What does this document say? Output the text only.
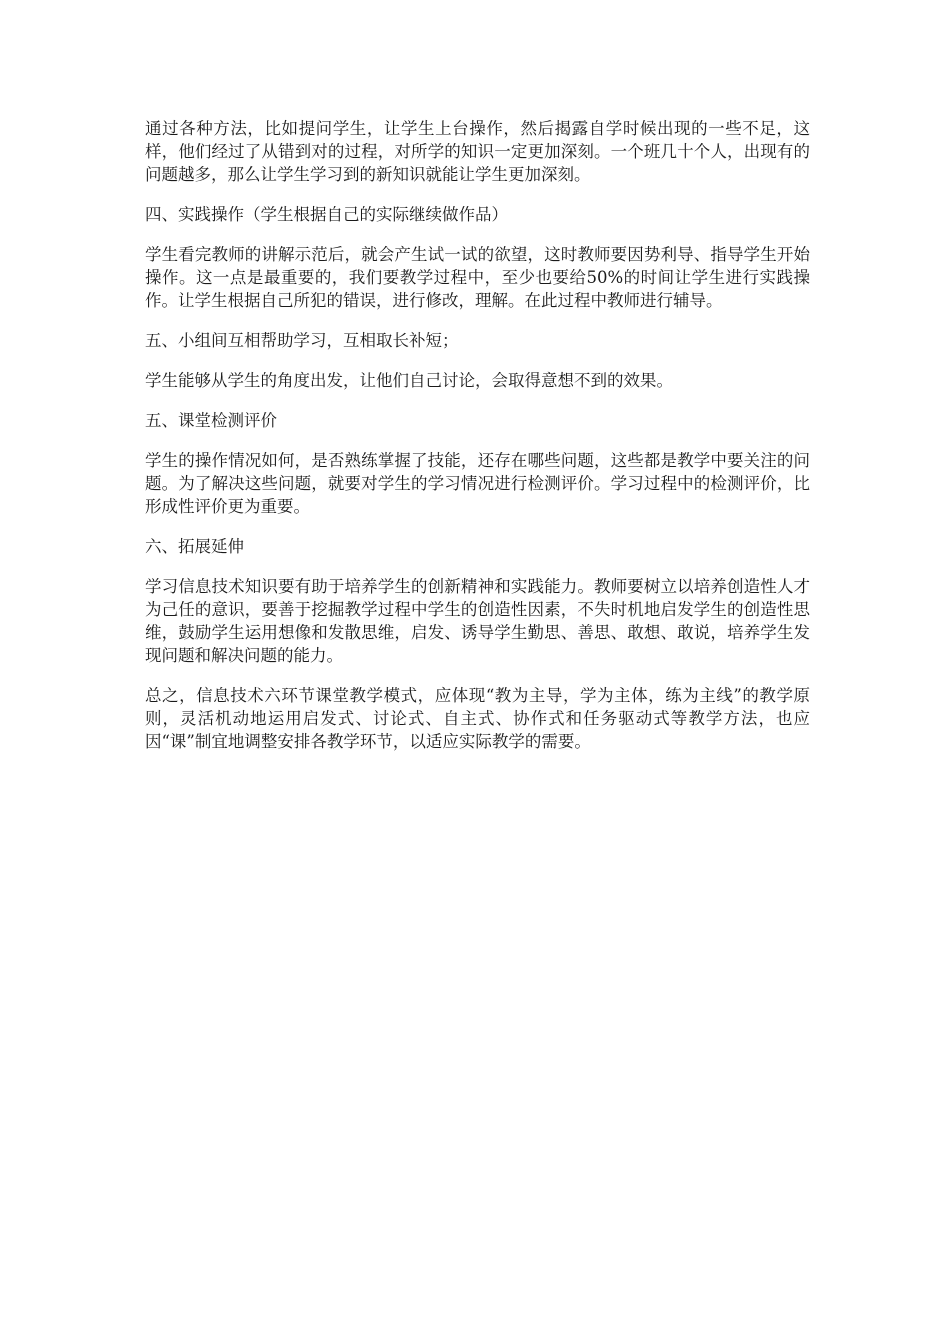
通过各种方法，比如提问学生，让学生上台操作，然后揭露自学时候出现的一些不足，这样，他们经过了从错到对的过程，对所学的知识一定更加深刻。一个班几十个人，出现有的问题越多，那么让学生学习到的新知识就能让学生更加深刻。

四、实践操作（学生根据自己的实际继续做作品）

学生看完教师的讲解示范后，就会产生试一试的欲望，这时教师要因势利导、指导学生开始操作。这一点是最重要的，我们要教学过程中，至少也要给50%的时间让学生进行实践操作。让学生根据自己所犯的错误，进行修改，理解。在此过程中教师进行辅导。

五、小组间互相帮助学习，互相取长补短；

学生能够从学生的角度出发，让他们自己讨论，会取得意想不到的效果。

五、课堂检测评价

学生的操作情况如何，是否熟练掌握了技能，还存在哪些问题，这些都是教学中要关注的问题。为了解决这些问题，就要对学生的学习情况进行检测评价。学习过程中的检测评价，比形成性评价更为重要。

六、拓展延伸

学习信息技术知识要有助于培养学生的创新精神和实践能力。教师要树立以培养创造性人才为己任的意识，要善于挖掘教学过程中学生的创造性因素，不失时机地启发学生的创造性思维，鼓励学生运用想像和发散思维，启发、诱导学生勤思、善思、敢想、敢说，培养学生发现问题和解决问题的能力。

总之，信息技术六环节课堂教学模式，应体现“教为主导，学为主体，练为主线”的教学原则，灵活机动地运用启发式、讨论式、自主式、协作式和任务驱动式等教学方法，也应因“课”制宜地调整安排各教学环节，以适应实际教学的需要。
